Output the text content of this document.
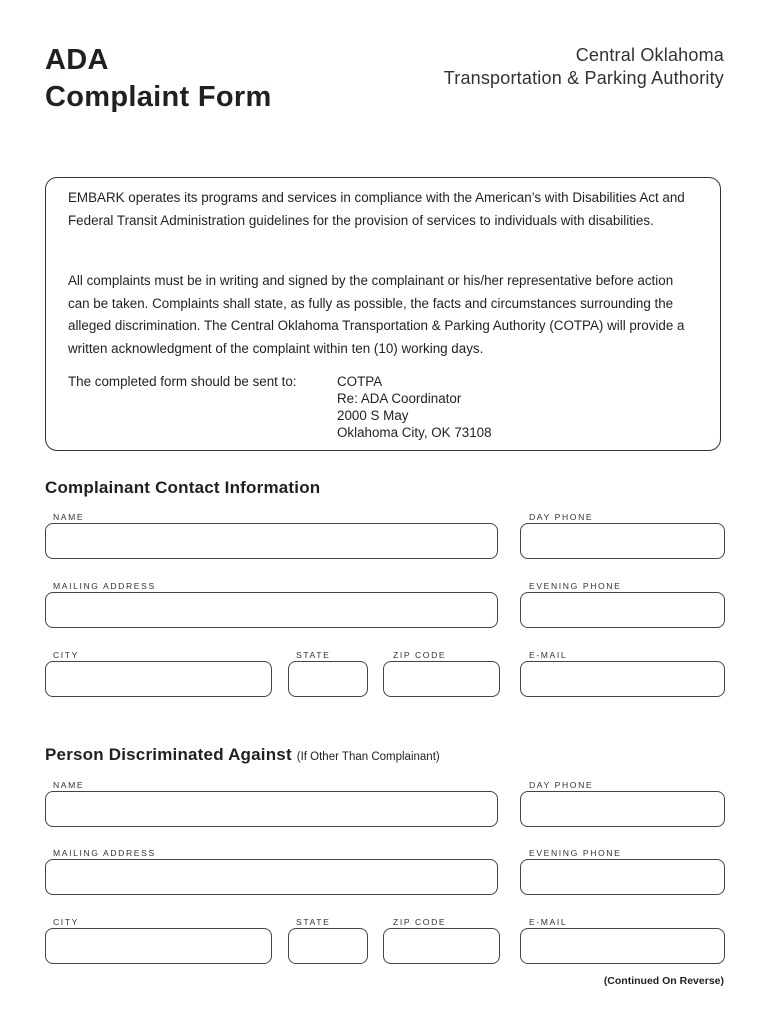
ADA
Complaint Form
Central Oklahoma
Transportation & Parking Authority
EMBARK operates its programs and services in compliance with the American’s with Disabilities Act and Federal Transit Administration guidelines for the provision of services to individuals with disabilities.
All complaints must be in writing and signed by the complainant or his/her representative before action can be taken. Complaints shall state, as fully as possible, the facts and circumstances surrounding the alleged discrimination. The Central Oklahoma Transportation & Parking Authority (COTPA) will provide a written acknowledgment of the complaint within ten (10) working days.
The completed form should be sent to:	COTPA
Re: ADA Coordinator
2000 S May
Oklahoma City, OK 73108
Complainant Contact Information
NAME	DAY PHONE
MAILING ADDRESS	EVENING PHONE
CITY	STATE	ZIP CODE	E-MAIL
Person Discriminated Against (If Other Than Complainant)
NAME	DAY PHONE
MAILING ADDRESS	EVENING PHONE
CITY	STATE	ZIP CODE	E-MAIL
(Continued On Reverse)
